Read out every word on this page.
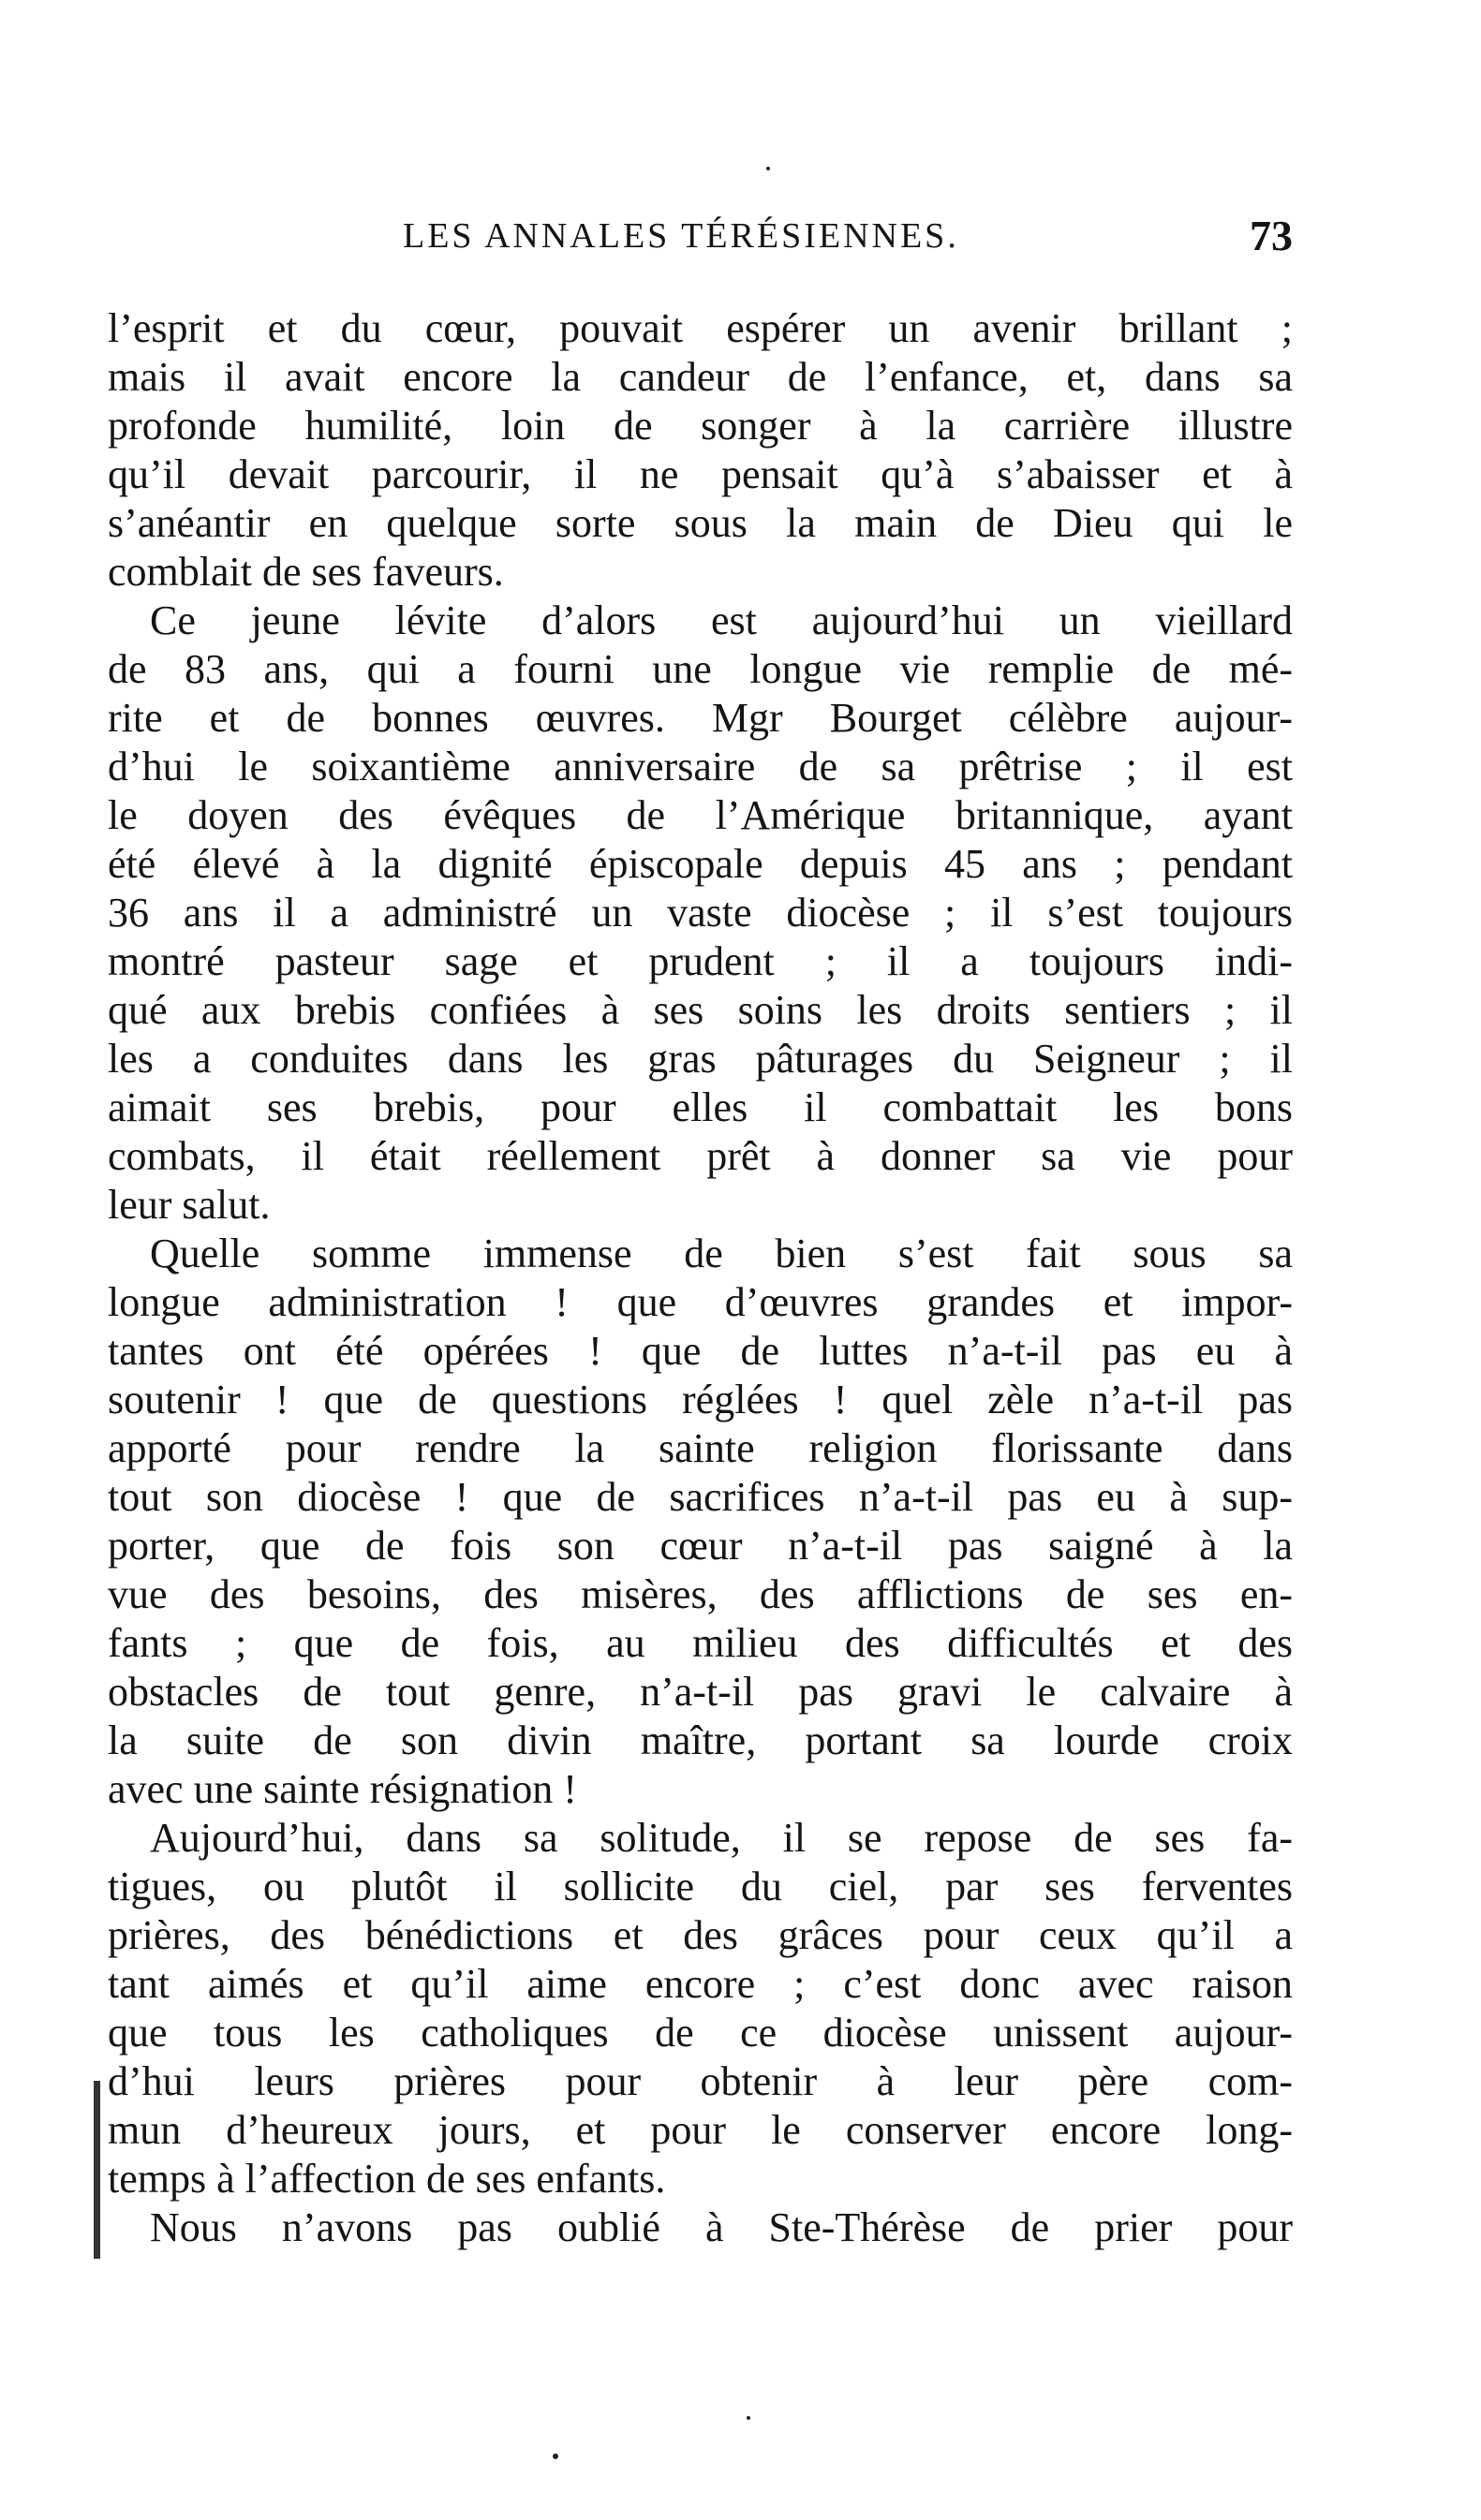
LES ANNALES TÉRÉSIENNES.	73
l’esprit et du cœur, pouvait espérer un avenir brillant ;
mais il avait encore la candeur de l’enfance, et, dans sa
profonde humilité, loin de songer à la carrière illustre
qu’il devait parcourir, il ne pensait qu’à s’abaisser et à
s’anéantir en quelque sorte sous la main de Dieu qui le
comblait de ses faveurs.
Ce jeune lévite d’alors est aujourd’hui un vieillard
de 83 ans, qui a fourni une longue vie remplie de mé-
rite et de bonnes œuvres. Mgr Bourget célèbre aujour-
d’hui le soixantième anniversaire de sa prêtrise ; il est
le doyen des évêques de l’Amérique britannique, ayant
été élevé à la dignité épiscopale depuis 45 ans ; pendant
36 ans il a administré un vaste diocèse ; il s’est toujours
montré pasteur sage et prudent ; il a toujours indi-
qué aux brebis confiées à ses soins les droits sentiers ; il
les a conduites dans les gras pâturages du Seigneur ; il
aimait ses brebis, pour elles il combattait les bons
combats, il était réellement prêt à donner sa vie pour
leur salut.
Quelle somme immense de bien s’est fait sous sa
longue administration ! que d’œuvres grandes et impor-
tantes ont été opérées ! que de luttes n’a-t-il pas eu à
soutenir ! que de questions réglées ! quel zèle n’a-t-il pas
apporté pour rendre la sainte religion florissante dans
tout son diocèse ! que de sacrifices n’a-t-il pas eu à sup-
porter, que de fois son cœur n’a-t-il pas saigné à la
vue des besoins, des misères, des afflictions de ses en-
fants ; que de fois, au milieu des difficultés et des
obstacles de tout genre, n’a-t-il pas gravi le calvaire à
la suite de son divin maître, portant sa lourde croix
avec une sainte résignation !
Aujourd’hui, dans sa solitude, il se repose de ses fa-
tigues, ou plutôt il sollicite du ciel, par ses ferventes
prières, des bénédictions et des grâces pour ceux qu’il a
tant aimés et qu’il aime encore ; c’est donc avec raison
que tous les catholiques de ce diocèse unissent aujour-
d’hui leurs prières pour obtenir à leur père com-
mun d’heureux jours, et pour le conserver encore long-
temps à l’affection de ses enfants.
Nous n’avons pas oublié à Ste-Thérèse de prier pour
